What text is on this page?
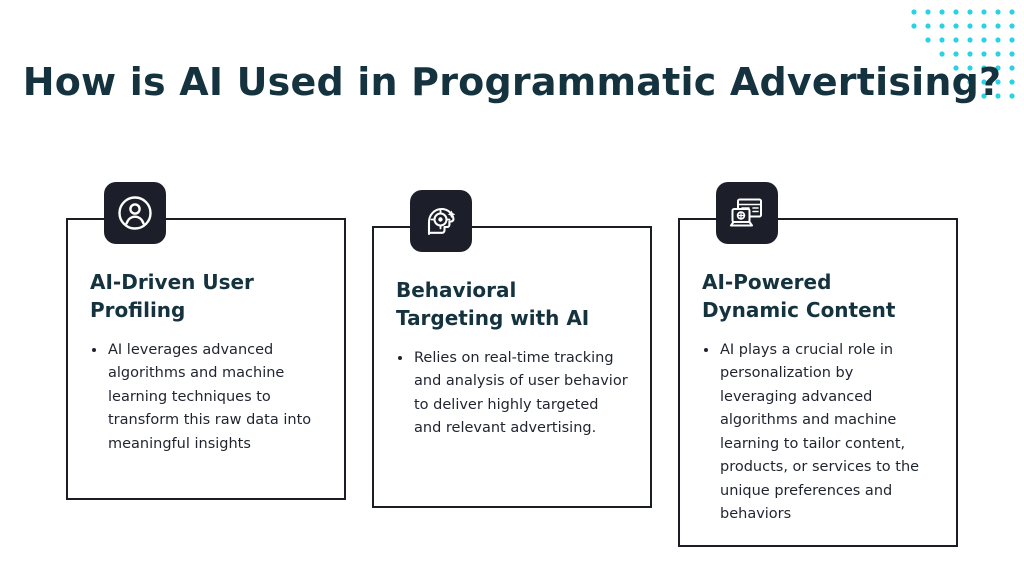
How is AI Used in Programmatic Advertising?
AI-Driven User Profiling
AI leverages advanced algorithms and machine learning techniques to transform this raw data into meaningful insights
Behavioral Targeting with AI
Relies on real-time tracking and analysis of user behavior to deliver highly targeted and relevant advertising.
AI-Powered Dynamic Content
AI plays a crucial role in personalization by leveraging advanced algorithms and machine learning to tailor content, products, or services to the unique preferences and behaviors
